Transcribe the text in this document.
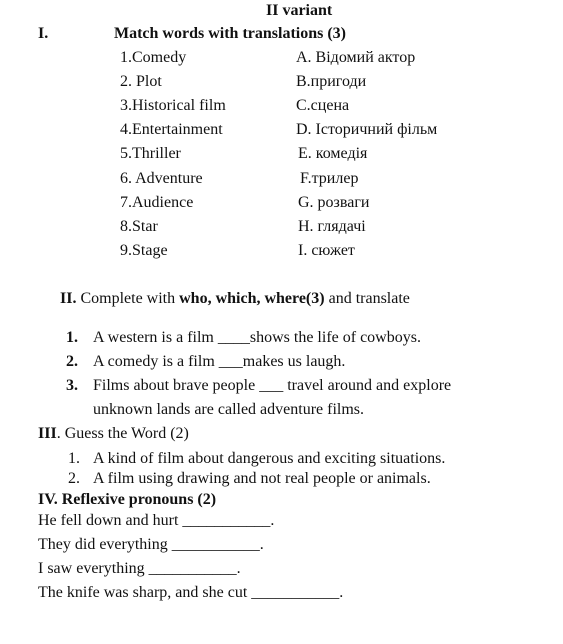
II variant
I.	Match words with translations (3)
1.Comedy
2. Plot
3.Historical film
4.Entertainment
5.Thriller
6. Adventure
7.Audience
8.Star
9.Stage
A. Відомий актор
B.пригоди
C.сцена
D. Історичний фільм
E. комедія
F.трилер
G. розваги
H. глядачі
I. сюжет
II. Complete with who, which, where(3) and translate
1. A western is a film ____shows the life of cowboys.
2. A comedy is a film ___makes us laugh.
3. Films about brave people ___ travel around and explore
unknown lands are called adventure films.
III. Guess the Word (2)
1. A kind of film about dangerous and exciting situations.
2. A film using drawing and not real people or animals.
IV. Reflexive pronouns (2)
He fell down and hurt ___________.
They did everything ___________.
I saw everything ___________.
The knife was sharp, and she cut ___________.
